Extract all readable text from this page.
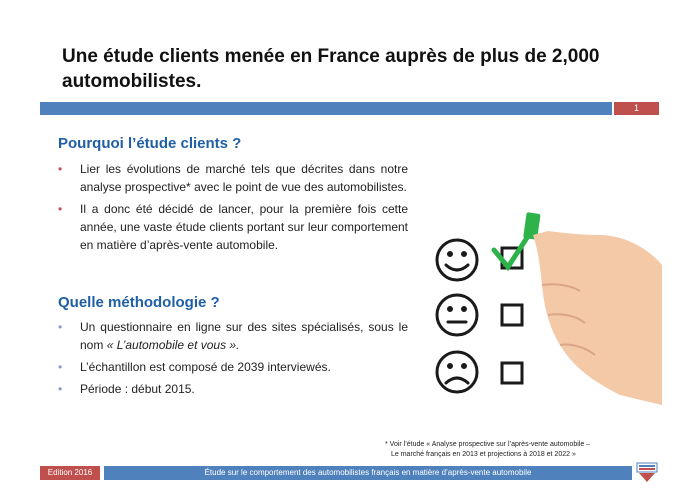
Une étude clients menée en France auprès de plus de 2,000
automobilistes.
1
Pourquoi l’étude clients ?
• Lier les évolutions de marché tels que décrites dans notre analyse prospective* avec le point de vue des automobilistes.
• Il a donc été décidé de lancer, pour la première fois cette année, une vaste étude clients portant sur leur comportement en matière d’après-vente automobile.
Quelle méthodologie ?
• Un questionnaire en ligne sur des sites spécialisés, sous le nom « L’automobile et vous ».
• L’échantillon est composé de 2039 interviewés.
• Période : début 2015.
* Voir l’étude « Analyse prospective sur l’après-vente automobile –
Le marché français en 2013 et projections à 2018 et 2022 »
Edition 2016	Étude sur le comportement des automobilistes français en matière d’après-vente automobile
